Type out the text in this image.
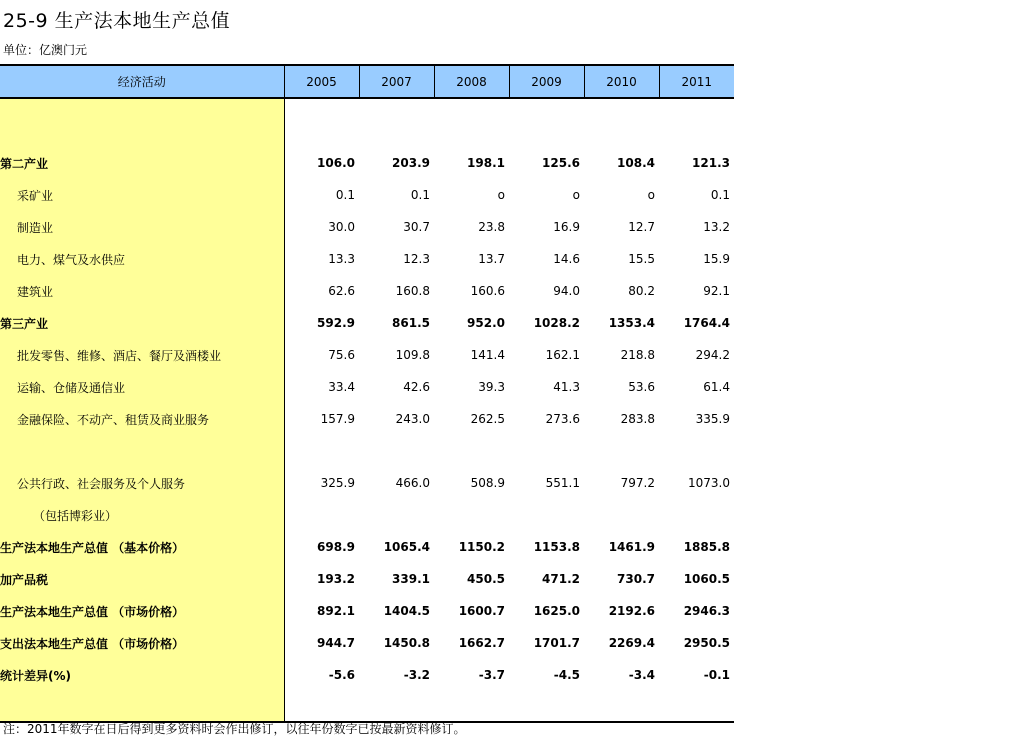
25-9 生产法本地生产总值
单位：亿澳门元
经济活动	2005	2007	2008	2009	2010	2011

第二产业	106.0	203.9	198.1	125.6	108.4	121.3
采矿业	0.1	0.1	o	o	o	0.1
制造业	30.0	30.7	23.8	16.9	12.7	13.2
电力、煤气及水供应	13.3	12.3	13.7	14.6	15.5	15.9
建筑业	62.6	160.8	160.6	94.0	80.2	92.1
第三产业	592.9	861.5	952.0	1028.2	1353.4	1764.4
批发零售、维修、酒店、餐厅及酒楼业	75.6	109.8	141.4	162.1	218.8	294.2
运输、仓储及通信业	33.4	42.6	39.3	41.3	53.6	61.4
金融保险、不动产、租赁及商业服务	157.9	243.0	262.5	273.6	283.8	335.9

公共行政、社会服务及个人服务	325.9	466.0	508.9	551.1	797.2	1073.0
（包括博彩业）						
生产法本地生产总值 （基本价格）	698.9	1065.4	1150.2	1153.8	1461.9	1885.8
加产品税	193.2	339.1	450.5	471.2	730.7	1060.5
生产法本地生产总值 （市场价格）	892.1	1404.5	1600.7	1625.0	2192.6	2946.3
支出法本地生产总值 （市场价格）	944.7	1450.8	1662.7	1701.7	2269.4	2950.5
统计差异(%)	-5.6	-3.2	-3.7	-4.5	-3.4	-0.1

注：2011年数字在日后得到更多资料时会作出修订，以往年份数字已按最新资料修订。
